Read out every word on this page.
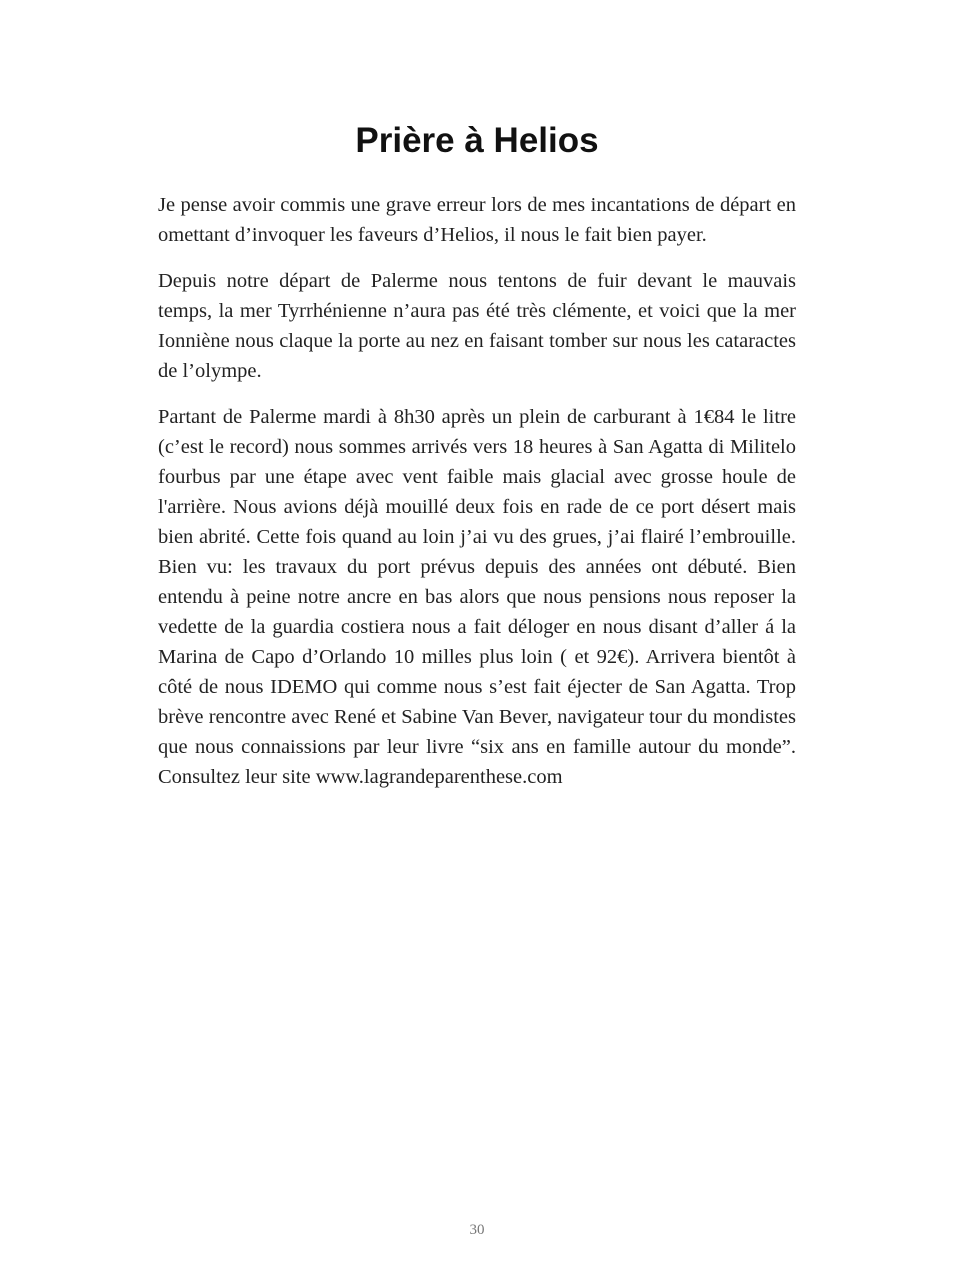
Prière à Helios

Je pense avoir commis une grave erreur lors de mes incantations de départ en omettant d’invoquer les faveurs d’Helios, il nous le fait bien payer.

Depuis notre départ de Palerme nous tentons de fuir devant le mauvais temps, la mer Tyrrhénienne n’aura pas été très clémente, et voici que la mer Ionniène nous claque la porte au nez en faisant tomber sur nous les cataractes de l’olympe.

Partant de Palerme mardi à 8h30 après un plein de carburant à 1€84 le litre (c’est le record) nous sommes arrivés vers 18 heures à San Agatta di Militelo fourbus par une étape avec vent faible mais glacial avec grosse houle de l'arrière. Nous avions déjà mouillé deux fois en rade de ce port désert mais bien abrité. Cette fois quand au loin j’ai vu des grues, j’ai flairé l’embrouille. Bien vu: les travaux du port prévus depuis des années ont débuté. Bien entendu à peine notre ancre en bas alors que nous pensions nous reposer la vedette de la guardia costiera nous a fait déloger en nous disant d’aller á la Marina de Capo d’Orlando 10 milles plus loin ( et 92€). Arrivera bientôt à côté de nous IDEMO qui comme nous s’est fait éjecter de San Agatta. Trop brève rencontre avec René et Sabine Van Bever, navigateur tour du mondistes que nous connaissions par leur livre “six ans en famille autour du monde”. Consultez leur site www.lagrandeparenthese.com

30
